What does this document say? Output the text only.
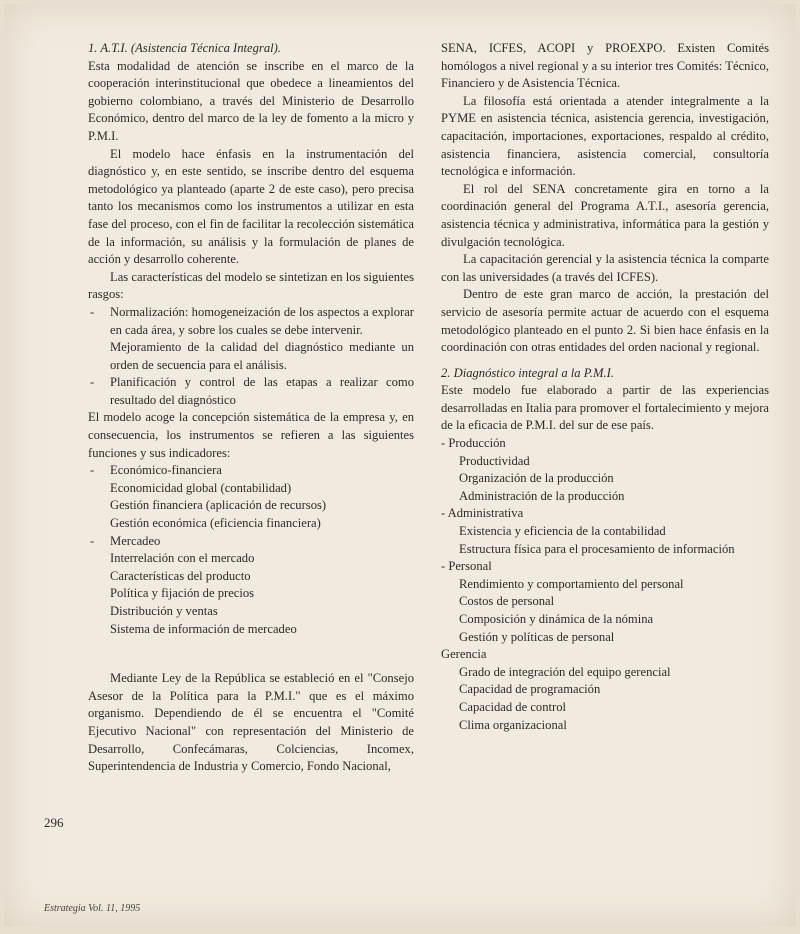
1. A.T.I. (Asistencia Técnica Integral).

Esta modalidad de atención se inscribe en el marco de la cooperación interinstitucional que obedece a lineamientos del gobierno colombiano, a través del Ministerio de Desarrollo Económico, dentro del marco de la ley de fomento a la micro y P.M.I.

El modelo hace énfasis en la instrumentación del diagnóstico y, en este sentido, se inscribe dentro del esquema metodológico ya planteado (aparte 2 de este caso), pero precisa tanto los mecanismos como los instrumentos a utilizar en esta fase del proceso, con el fin de facilitar la recolección sistemática de la información, su análisis y la formulación de planes de acción y desarrollo coherente.

Las características del modelo se sintetizan en los siguientes rasgos:

- Normalización: homogeneización de los aspectos a explorar en cada área, y sobre los cuales se debe intervenir.

Mejoramiento de la calidad del diagnóstico mediante un orden de secuencia para el análisis.

- Planificación y control de las etapas a realizar como resultado del diagnóstico

El modelo acoge la concepción sistemática de la empresa y, en consecuencia, los instrumentos se refieren a las siguientes funciones y sus indicadores:

- Económico-financiera
Economicidad global (contabilidad)
Gestión financiera (aplicación de recursos)
Gestión económica (eficiencia financiera)
- Mercadeo
Interrelación con el mercado
Características del producto
Política y fijación de precios
Distribución y ventas
Sistema de información de mercadeo

Mediante Ley de la República se estableció en el "Consejo Asesor de la Política para la P.M.I." que es el máximo organismo. Dependiendo de él se encuentra el "Comité Ejecutivo Nacional" con representación del Ministerio de Desarrollo, Confecámaras, Colciencias, Incomex, Superintendencia de Industria y Comercio, Fondo Nacional,

SENA, ICFES, ACOPI y PROEXPO. Existen Comités homólogos a nivel regional y a su interior tres Comités: Técnico, Financiero y de Asistencia Técnica.

La filosofía está orientada a atender integralmente a la PYME en asistencia técnica, asistencia gerencia, investigación, capacitación, importaciones, exportaciones, respaldo al crédito, asistencia financiera, asistencia comercial, consultoría tecnológica e información.

El rol del SENA concretamente gira en torno a la coordinación general del Programa A.T.I., asesoría gerencia, asistencia técnica y administrativa, informática para la gestión y divulgación tecnológica.

La capacitación gerencial y la asistencia técnica la comparte con las universidades (a través del ICFES).

Dentro de este gran marco de acción, la prestación del servicio de asesoría permite actuar de acuerdo con el esquema metodológico planteado en el punto 2. Si bien hace énfasis en la coordinación con otras entidades del orden nacional y regional.

2. Diagnóstico integral a la P.M.I.

Este modelo fue elaborado a partir de las experiencias desarrolladas en Italia para promover el fortalecimiento y mejora de la eficacia de P.M.I. del sur de ese país.

- Producción

Productividad
Organización de la producción
Administración de la producción

- Administrativa

Existencia y eficiencia de la contabilidad
Estructura física para el procesamiento de información

- Personal

Rendimiento y comportamiento del personal
Costos de personal
Composición y dinámica de la nómina
Gestión y políticas de personal

Gerencia

Grado de integración del equipo gerencial
Capacidad de programación
Capacidad de control
Clima organizacional
296
Estrategia Vol. 11, 1995
